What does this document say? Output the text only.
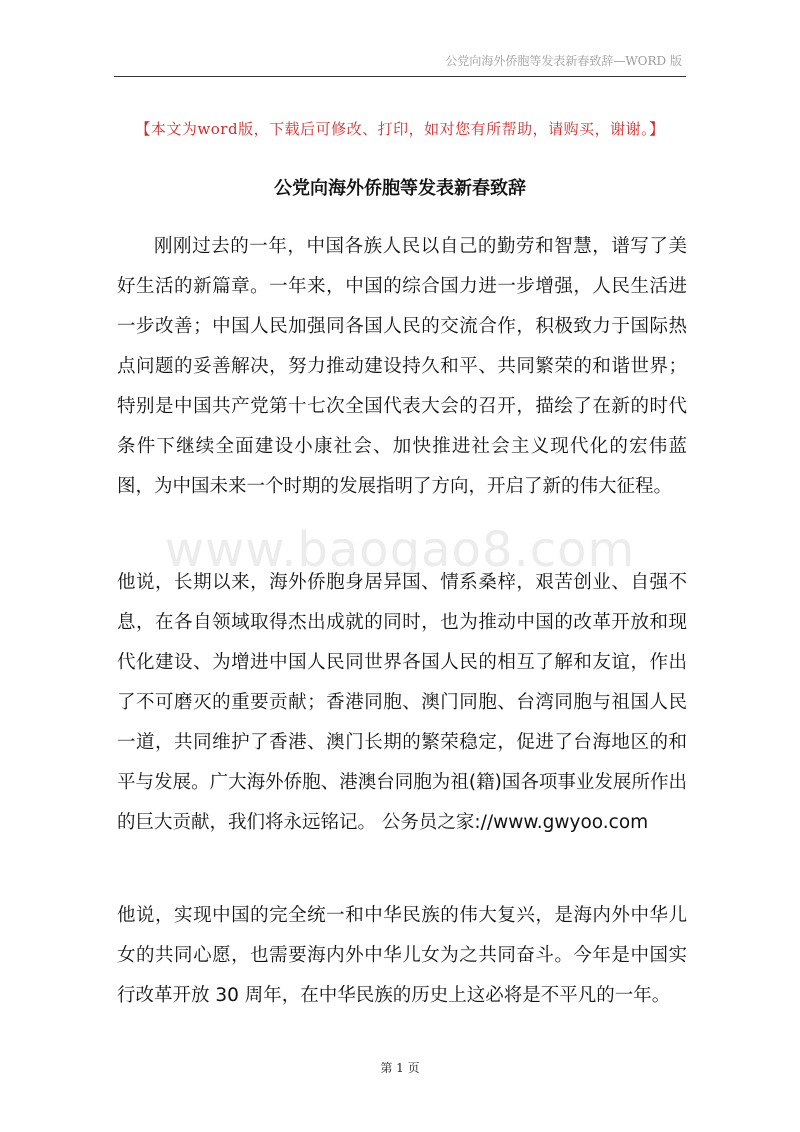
公党向海外侨胞等发表新春致辞—WORD 版
【本文为word版，下载后可修改、打印，如对您有所帮助，请购买，谢谢。】
公党向海外侨胞等发表新春致辞

刚刚过去的一年，中国各族人民以自己的勤劳和智慧，谱写了美好生活的新篇章。一年来，中国的综合国力进一步增强，人民生活进一步改善；中国人民加强同各国人民的交流合作，积极致力于国际热点问题的妥善解决，努力推动建设持久和平、共同繁荣的和谐世界；特别是中国共产党第十七次全国代表大会的召开，描绘了在新的时代条件下继续全面建设小康社会、加快推进社会主义现代化的宏伟蓝图，为中国未来一个时期的发展指明了方向，开启了新的伟大征程。

www.baogao8.com

他说，长期以来，海外侨胞身居异国、情系桑梓，艰苦创业、自强不息，在各自领域取得杰出成就的同时，也为推动中国的改革开放和现代化建设、为增进中国人民同世界各国人民的相互了解和友谊，作出了不可磨灭的重要贡献；香港同胞、澳门同胞、台湾同胞与祖国人民一道，共同维护了香港、澳门长期的繁荣稳定，促进了台海地区的和平与发展。广大海外侨胞、港澳台同胞为祖(籍)国各项事业发展所作出的巨大贡献，我们将永远铭记。 公务员之家://www.gwyoo.com

他说，实现中国的完全统一和中华民族的伟大复兴，是海内外中华儿女的共同心愿，也需要海内外中华儿女为之共同奋斗。今年是中国实行改革开放 30 周年，在中华民族的历史上这必将是不平凡的一年。

第 1 页
